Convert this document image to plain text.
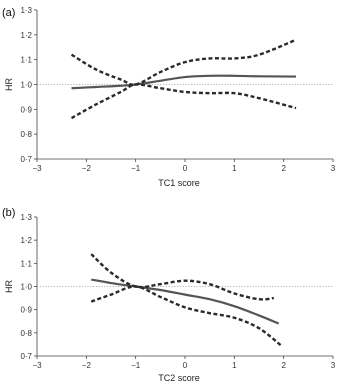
0·7
0·8
0·9
1·0
1·1
1·2
1·3
−3	−2	−1	0	1	2	3
TC1 score
HR
(a)
0·7
0·8
0·9
1·0
1·1
1·2
1·3
−3	−2	−1	0	1	2	3
TC2 score
HR
(b)
